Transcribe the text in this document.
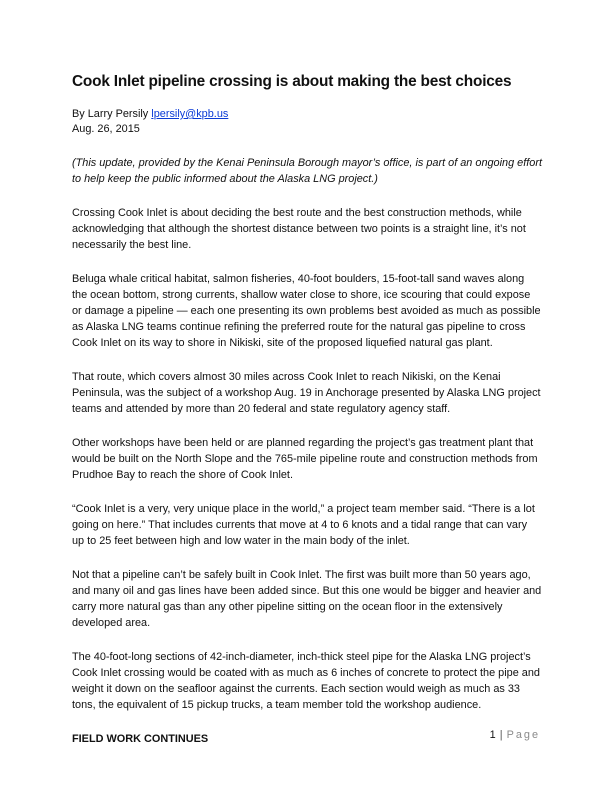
Cook Inlet pipeline crossing is about making the best choices
By Larry Persily lpersily@kpb.us
Aug. 26, 2015
(This update, provided by the Kenai Peninsula Borough mayor’s office, is part of an ongoing effort to help keep the public informed about the Alaska LNG project.)

Crossing Cook Inlet is about deciding the best route and the best construction methods, while acknowledging that although the shortest distance between two points is a straight line, it’s not necessarily the best line.

Beluga whale critical habitat, salmon fisheries, 40-foot boulders, 15-foot-tall sand waves along the ocean bottom, strong currents, shallow water close to shore, ice scouring that could expose or damage a pipeline — each one presenting its own problems best avoided as much as possible as Alaska LNG teams continue refining the preferred route for the natural gas pipeline to cross Cook Inlet on its way to shore in Nikiski, site of the proposed liquefied natural gas plant.

That route, which covers almost 30 miles across Cook Inlet to reach Nikiski, on the Kenai Peninsula, was the subject of a workshop Aug. 19 in Anchorage presented by Alaska LNG project teams and attended by more than 20 federal and state regulatory agency staff.

Other workshops have been held or are planned regarding the project’s gas treatment plant that would be built on the North Slope and the 765-mile pipeline route and construction methods from Prudhoe Bay to reach the shore of Cook Inlet.

“Cook Inlet is a very, very unique place in the world,” a project team member said. “There is a lot going on here.” That includes currents that move at 4 to 6 knots and a tidal range that can vary up to 25 feet between high and low water in the main body of the inlet.

Not that a pipeline can’t be safely built in Cook Inlet. The first was built more than 50 years ago, and many oil and gas lines have been added since. But this one would be bigger and heavier and carry more natural gas than any other pipeline sitting on the ocean floor in the extensively developed area.

The 40-foot-long sections of 42-inch-diameter, inch-thick steel pipe for the Alaska LNG project’s Cook Inlet crossing would be coated with as much as 6 inches of concrete to protect the pipe and weight it down on the seafloor against the currents. Each section would weigh as much as 33 tons, the equivalent of 15 pickup trucks, a team member told the workshop audience.

FIELD WORK CONTINUES	1 | Page
